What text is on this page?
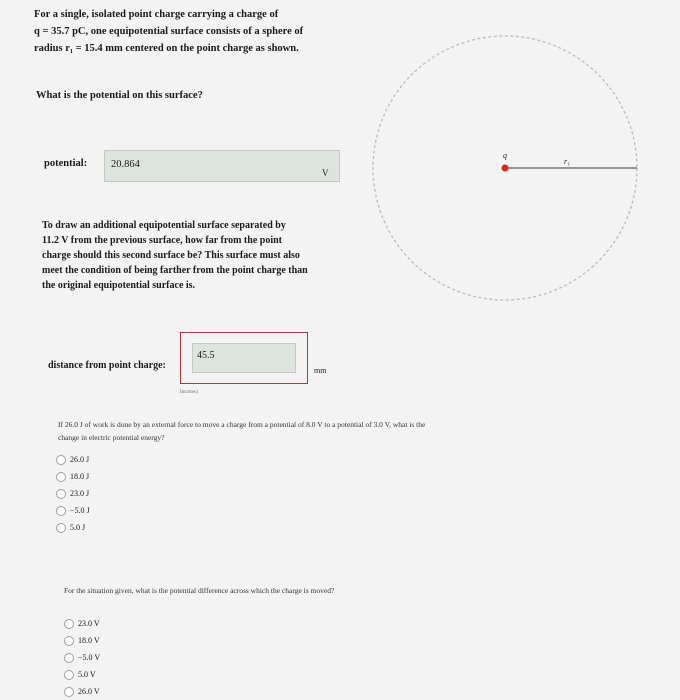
For a single, isolated point charge carrying a charge of

q = 35.7 pC, one equipotential surface consists of a sphere of

radius r₁ = 15.4 mm centered on the point charge as shown.

What is the potential on this surface?
potential:	20.864
V
To draw an additional equipotential surface separated by
11.2 V from the previous surface, how far from the point
charge should this second surface be? This surface must also
meet the condition of being farther from the point charge than
the original equipotential surface is.
distance from point charge:
45.5
mm
Incorrect
If 26.0 J of work is done by an external force to move a charge from a potential of 8.0 V to a potential of 3.0 V, what is the
change in electric potential energy?
26.0 J
18.0 J
23.0 J
−5.0 J
5.0 J
For the situation given, what is the potential difference across which the charge is moved?
23.0 V
18.0 V
−5.0 V
5.0 V
26.0 V
q
r₁
